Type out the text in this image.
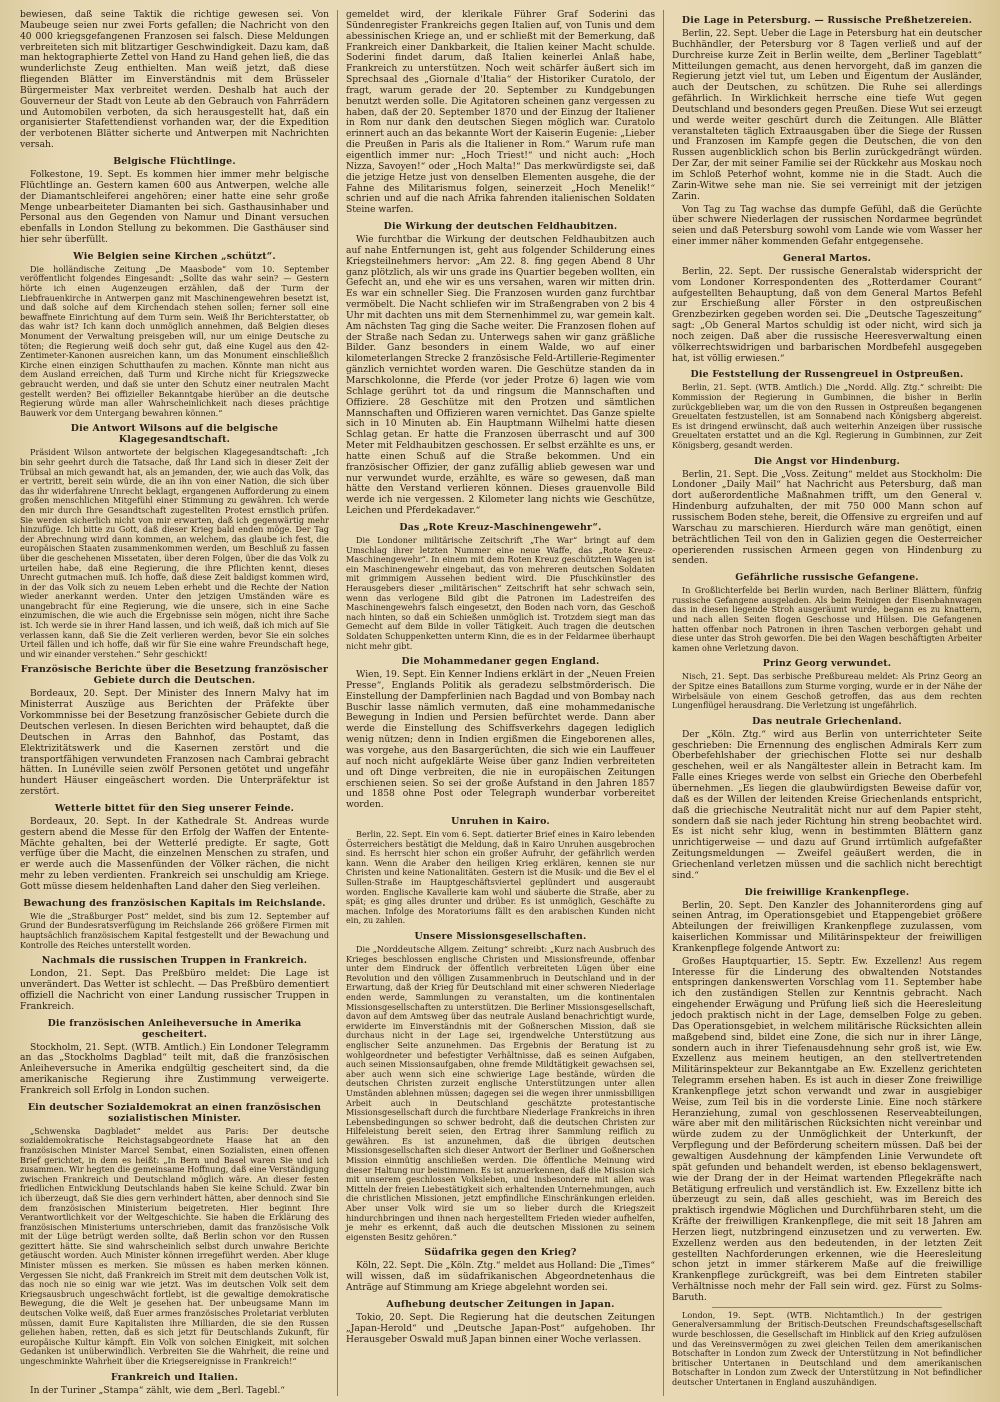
bewiesen, daß seine Taktik die richtige gewesen sei. Von Maubeuge seien nur zwei Forts gefallen; die Nachricht von den 40 000 kriegsgefangenen Franzosen sei falsch. Diese Meldungen verbreiteten sich mit blitzartiger Geschwindigkeit. Dazu kam, daß man hektographierte Zettel von Hand zu Hand gehen ließ, die das wunderlichste Zeug enthielten. Man weiß jetzt, daß diese fliegenden Blätter im Einverständnis mit dem Brüsseler Bürgermeister Max verbreitet werden. Deshalb hat auch der Gouverneur der Stadt von Leute ab den Gebrauch von Fahrrädern und Automobilen verboten, da sich herausgestellt hat, daß ein organisierter Stafettendienst vorhanden war, der die Expedition der verbotenen Blätter sicherte und Antwerpen mit Nachrichten versah.

Belgische Flüchtlinge.

Folkestone, 19. Sept. Es kommen hier immer mehr belgische Flüchtlinge an. Gestern kamen 600 aus Antwerpen, welche alle der Diamantschleiferei angehören; einer hatte eine sehr große Menge unbearbeiteter Diamanten bei sich. Gasthausinhaber und Personal aus den Gegenden von Namur und Dinant versuchen ebenfalls in London Stellung zu bekommen. Die Gasthäuser sind hier sehr überfüllt.

Wie Belgien seine Kirchen „schützt“.

Die holländische Zeitung „De Maasbode“ vom 10. September veröffentlicht folgendes Eingesandt: „Sollte das wahr sein? — Gestern hörte ich einen Augenzeugen erzählen, daß der Turm der Liebfrauenkirche in Antwerpen ganz mit Maschinengewehren besetzt ist, und daß solche auf dem Kirchendach stehen sollen; ferner soll eine bewaffnete Einrichtung auf dem Turm sein. Weiß Ihr Berichterstatter, ob das wahr ist? Ich kann doch unmöglich annehmen, daß Belgien dieses Monument der Verwaltung preisgeben will, nur um einige Deutsche zu töten; die Regierung weiß doch sehr gut, daß eine Kugel aus den 42-Zentimeter-Kanonen ausreichen kann, um das Monument einschließlich Kirche einen einzigen Schutthaufen zu machen. Könnte man nicht aus dem Ausland erreichen, daß Turm und Kirche nicht für Kriegszwecke gebraucht werden, und daß sie unter den Schutz einer neutralen Macht gestellt werden? Bei offizieller Bekanntgabe hierüber an die deutsche Regierung würde man aller Wahrscheinlichkeit nach dieses prächtige Bauwerk vor dem Untergang bewahren können.“

Die Antwort Wilsons auf die belgische Klagegesandtschaft.

Präsident Wilson antwortete der belgischen Klagegesandtschaft: „Ich bin sehr geehrt durch die Tatsache, daß Ihr Land sich in dieser Zeit der Trübsal an mich gewandt hat, als an jemanden, der, wie auch das Volk, das er vertritt, bereit sein würde, die an ihn von einer Nation, die sich über das ihr widerfahrene Unrecht beklagt, ergangenen Aufforderung zu einem großen menschlichen Mitgefühl einer Stimmung zu gewähren. Ich werde den mir durch Ihre Gesandtschaft zugestellten Protest ernstlich prüfen. Sie werden sicherlich nicht von mir erwarten, daß ich gegenwärtig mehr hinzufüge. Ich bitte zu Gott, daß dieser Krieg bald enden möge. Der Tag der Abrechnung wird dann kommen, an welchem, das glaube ich fest, die europäischen Staaten zusammenkommen werden, um Beschluß zu fassen über die geschehenen Missetaten, über deren Folgen, über die das Volk zu urteilen habe, daß eine Regierung, die ihre Pflichten kennt, dieses Unrecht gutmachen muß. Ich hoffe, daß diese Zeit baldigst kommen wird, in der das Volk sich zu neuem Leben erhebt und die Rechte der Nation wieder anerkannt werden. Unter den jetzigen Umständen wäre es unangebracht für eine Regierung, wie die unsere, sich in eine Sache einzumischen, die wie auch die Ergebnisse sein mögen, nicht ihre Sache ist. Ich werde sie in ihrer Hand lassen, und ich weiß, daß ich mich auf Sie verlassen kann, daß Sie die Zeit verlieren werden, bevor Sie ein solches Urteil fällen und ich hoffe, daß wir für Sie eine wahre Freundschaft hege, und wir einander verstehen.“ Sehr geschickt!

Französische Berichte über die Besetzung französischer Gebiete durch die Deutschen.

Bordeaux, 20. Sept. Der Minister des Innern Malvy hat im Ministerrat Auszüge aus Berichten der Präfekte über Vorkommnisse bei der Besetzung französischer Gebiete durch die Deutschen verlesen. In diesen Berichten wird behauptet, daß die Deutschen in Arras den Bahnhof, das Postamt, das Elektrizitätswerk und die Kasernen zerstört und die transportfähigen verwundeten Franzosen nach Cambrai gebracht hätten. In Lunéville seien zwölf Personen getötet und ungefähr hundert Häuser eingeäschert worden. Die Unterpräfektur ist zerstört.

Wetterle bittet für den Sieg unserer Feinde.

Bordeaux, 20. Sept. In der Kathedrale St. Andreas wurde gestern abend die Messe für den Erfolg der Waffen der Entente-Mächte gehalten, bei der Wetterlé predigte. Er sagte, Gott verfüge über die Macht, die einzelnen Menschen zu strafen, und er werde auch die Massenfünden der Völker rächen, die nicht mehr zu leben verdienten. Frankreich sei unschuldig am Kriege. Gott müsse diesem heldenhaften Land daher den Sieg verleihen.

Bewachung des französischen Kapitals im Reichslande.

Wie die „Straßburger Post“ meldet, sind bis zum 12. September auf Grund der Bundesratsverfügung im Reichslande 266 größere Firmen mit hauptsächlich französischem Kapital festgestellt und der Bewachung und Kontrolle des Reiches unterstellt worden.

Nachmals die russischen Truppen in Frankreich.

London, 21. Sept. Das Preßbüro meldet: Die Lage ist unverändert. Das Wetter ist schlecht. — Das Preßbüro dementiert offiziell die Nachricht von einer Landung russischer Truppen in Frankreich.

Die französischen Anleiheversuche in Amerika gescheitert.

Stockholm, 21. Sept. (WTB. Amtlich.) Ein Londoner Telegramm an das „Stockholms Dagblad“ teilt mit, daß die französischen Anleiheversuche in Amerika endgültig gescheitert sind, da die amerikanische Regierung ihre Zustimmung verweigerte. Frankreich soll Erfolg in London suchen.

Ein deutscher Sozialdemokrat an einen französischen sozialistischen Minister.

„Schwenska Dagbladet“ meldet aus Paris: Der deutsche sozialdemokratische Reichstagsabgeordnete Haase hat an den französischen Minister Marcel Sembat, einen Sozialisten, einen offenen Brief gerichtet, in dem es heißt: „In Bern und Basel waren Sie und ich zusammen. Wir hegten die gemeinsame Hoffnung, daß eine Verständigung zwischen Frankreich und Deutschland möglich wäre. An dieser festen friedlichen Entwicklung Deutschlands haben Sie keine Schuld. Zwar bin ich überzeugt, daß Sie dies gern verhindert hätten, aber dennoch sind Sie dem französischen Ministerium beigetreten. Hier beginnt Ihre Verantwortlichkeit vor der Weltgeschichte. Sie haben die Erklärung des französischen Ministeriums unterschrieben, damit das französische Volk mit der Lüge betrügt werden sollte, daß Berlin schon vor den Russen gezittert hätte. Sie sind wahrscheinlich selbst durch unwahre Berichte getäuscht worden. Auch Minister können irregeführt werden. Aber kluge Minister müssen es merken. Sie müssen es haben merken können. Vergessen Sie nicht, daß Frankreich im Streit mit dem deutschen Volk ist, das noch nie so einig war wie jetzt. Was im deutschen Volk seit dem Kriegsausbruch ungeschwächt fortlebt, ist die gewaltige demokratische Bewegung, die die Welt je gesehen hat. Der unbeugsame Mann im deutschen Volke weiß, daß Euer armes französisches Proletariat verbluten müssen, damit Eure Kapitalisten ihre Milliarden, die sie den Russen geliehen haben, retten, daß es sich jetzt für Deutschlands Zukunft, für europäische Kultur kämpft. Ein Volk von solchen Einigkeit, mit solchen Gedanken ist unüberwindlich. Verbreiten Sie die Wahrheit, die reine und ungeschminkte Wahrheit über die Kriegsereignisse in Frankreich!“

Frankreich und Italien.

In der Turiner „Stampa“ zählt, wie dem „Berl. Tagebl.“

gemeldet wird, der klerikale Führer Graf Soderini das Sündenregister Frankreichs gegen Italien auf, von Tunis und dem abessinischen Kriege an, und er schließt mit der Bemerkung, daß Frankreich einer Dankbarkeit, die Italien keiner Macht schulde. Soderini findet darum, daß Italien keinerlei Anlaß habe, Frankreich zu unterstützen. Noch weit schärfer äußert sich im Sprechsaal des „Giornale d'Italia“ der Historiker Curatolo, der fragt, warum gerade der 20. September zu Kundgebungen benutzt werden solle. Die Agitatoren scheinen ganz vergessen zu haben, daß der 20. September 1870 und der Einzug der Italiener in Rom nur dank den deutschen Siegen möglich war. Curatolo erinnert auch an das bekannte Wort der Kaiserin Eugenie: „Lieber die Preußen in Paris als die Italiener in Rom.“ Warum rufe man eigentlich immer nur: „Hoch Triest!“ und nicht auch: „Hoch Nizza, Savoyen!“ oder „Hoch Malta!“ Das merkwürdigste sei, daß die jetzige Hetze just von denselben Elementen ausgehe, die der Fahne des Militarismus folgen, seinerzeit „Hoch Menelik!“ schrien und auf die nach Afrika fahrenden italienischen Soldaten Steine warfen.

Die Wirkung der deutschen Feldhaubitzen.

Wie furchtbar die Wirkung der deutschen Feldhaubitzen auch auf nahe Entfernungen ist, geht aus folgender Schilderung eines Kriegsteilnehmers hervor: „Am 22. 8. fing gegen Abend 8 Uhr ganz plötzlich, als wir uns grade ins Quartier begeben wollten, ein Gefecht an, und ehe wir es uns versahen, waren wir mitten drin. Es war ein schneller Sieg. Die Franzosen wurden ganz furchtbar vermöbelt. Die Nacht schliefen wir im Straßengraben von 2 bis 4 Uhr mit dachten uns mit dem Sternenhimmel zu, war gemein kalt. Am nächsten Tag ging die Sache weiter. Die Franzosen flohen auf der Straße nach Sedan zu. Unterwegs sahen wir ganz gräßliche Bilder. Ganz besonders in einem Walde, wo auf einer kilometerlangen Strecke 2 französische Feld-Artillerie-Regimenter gänzlich vernichtet worden waren. Die Geschütze standen da in Marschkolonne, die Pferde (vor jeder Protze 6) lagen wie vom Schlage gerührt tot da und ringsum die Mannschaften und Offiziere. 28 Geschütze mit den Protzen und sämtlichen Mannschaften und Offizieren waren vernichtet. Das Ganze spielte sich in 10 Minuten ab. Ein Hauptmann Wilhelmi hatte diesen Schlag getan. Er hatte die Franzosen überrascht und auf 300 Meter mit Feldhaubitzen geschossen. Er selbst erzählte es uns, er hatte einen Schuß auf die Straße bekommen. Und ein französischer Offizier, der ganz zufällig ablieb gewesen war und nur verwundet wurde, erzählte, es wäre so gewesen, daß man hätte den Verstand verlieren können. Dieses grauenvolle Bild werde ich nie vergessen. 2 Kilometer lang nichts wie Geschütze, Leichen und Pferdekadaver.“

Das „Rote Kreuz-Maschinengewehr“.

Die Londoner militärische Zeitschrift „The War“ bringt auf dem Umschlag ihrer letzten Nummer eine neue Waffe, das „Rote Kreuz-Maschinengewehr“. In einem mit dem Roten Kreuz geschützten Wagen ist ein Maschinengewehr eingebaut, das von mehreren deutschen Soldaten mit grimmigem Aussehen bedient wird. Die Pfuschkünstler des Herausgebers dieser „militärischen“ Zeitschrift hat sehr schwach sein, wenn das verlogene Bild gibt die Patronen im Ladestreifen des Maschinengewehrs falsch eingesetzt, den Boden nach vorn, das Geschoß nach hinten, so daß ein Schießen unmöglich ist. Trotzdem siegt man das Gemecht auf dem Bilde in voller Tätigkeit. Auch tragen die deutschen Soldaten Schuppenketten unterm Kinn, die es in der Feldarmee überhaupt nicht mehr gibt.

Die Mohammedaner gegen England.

Wien, 19. Sept. Ein Kenner Indiens erklärt in der „Neuen Freien Presse“, Englands Politik als geradezu selbstmörderisch. Die Einstellung der Dampferlinien nach Bagdad und von Bombay nach Buschir lasse nämlich vermuten, daß eine mohammedanische Bewegung in Indien und Persien befürchtet werde. Dann aber werde die Einstellung des Schiffsverkehrs dagegen lediglich wenig nützen; denn in Indien ergißmen die Eingeborenen alles, was vorgehe, aus den Basargerüchten, die sich wie ein Lauffeuer auf noch nicht aufgeklärte Weise über ganz Indien verbreiteten und oft Dinge verbreiten, die nie in europäischen Zeitungen erschienen seien. So sei der große Aufstand in den Jahren 1857 und 1858 ohne Post oder Telegraph wunderbar vorbereitet worden.

Unruhen in Kairo.

Berlin, 22. Sept. Ein vom 6. Sept. datierter Brief eines in Kairo lebenden Österreichers bestätigt die Meldung, daß in Kairo Unruhen ausgebrochen sind. Es herrscht hier schon ein großer Aufruhr, der gefährlich werden kann. Wenn die Araber den heiligen Krieg erklären, kennen sie nur Christen und keine Nationalitäten. Gestern ist die Musik- und die Bev el el Sullen-Straße im Hauptgeschäftsviertel geplündert und ausgeraubt worden. Englische Kavallerie kam wohl und säuberte die Straße, aber zu spät; es ging alles drunter und drüber. Es ist unmöglich, Geschäfte zu machen. Infolge des Moratoriums fällt es den arabischen Kunden nicht ein, zu zahlen.

Unsere Missionsgesellschaften.

Die „Norddeutsche Allgem. Zeitung“ schreibt: „Kurz nach Ausbruch des Krieges beschlossen englische Christen und Missionsfreunde, offenbar unter dem Eindruck der öffentlich verbreiteten Lügen über eine Revolution und den völligen Zusammenbruch in Deutschland und in der Erwartung, daß der Krieg für Deutschland mit einer schweren Niederlage enden werde, Sammlungen zu veranstalten, um die kontinentalen Missionsgesellschaften zu unterstützen. Die Berliner Missionsgesellschaft, davon auf dem Amtsweg über das neutrale Ausland benachrichtigt wurde, erwiderte im Einverständnis mit der Goßnerschen Mission, daß sie durchaus nicht in der Lage sei, irgendwelche Unterstützung aus englischer Seite anzunehmen. Das Ergebnis der Beratung ist zu wohlgeordneter und befestigter Verhältnisse, daß es seinen Aufgaben, auch seinen Missionsaufgaben, ohne fremde Mildtätigkeit gewachsen sei, aber auch wenn sich eine schwierige Lage bestände, würden die deutschen Christen zurzeit englische Unterstützungen unter allen Umständen ablehnen müssen; dagegen sei die wegen ihrer unmissbilligen Arbeit auch in Deutschland geschätzte protestantische Missionsgesellschaft durch die furchtbare Niederlage Frankreichs in ihren Lebensbedingungen so schwer bedroht, daß die deutschen Christen zur Hilfeleistung bereit seien, den Ertrag ihrer Sammlung reiflich zu gewähren. Es ist anzunehmen, daß die übrigen deutschen Missionsgesellschaften sich dieser Antwort der Berliner und Goßnerschen Mission einmütig anschließen werden. Die öffentliche Meinung wird dieser Haltung nur beistimmen. Es ist anzuerkennen, daß die Mission sich mit unserem geschlossen Volksleben, und insbesondere mit allen was Mitteln der freien Liebestätigkeit sich erhaltenden Unternehmungen, auch die christlichen Missionen, jetzt empfindliche Einschränkungen erleiden. Aber unser Volk wird sie um so lieber durch die Kriegszeit hindurchbringen und ihnen nach hergestelltem Frieden wieder aufhelfen, je mehr es erkennt, daß auch die deutschen Missionen zu seinem eigensten Besitz gehören.“

Südafrika gegen den Krieg?

Köln, 22. Sept. Die „Köln. Ztg.“ meldet aus Holland: Die „Times“ will wissen, daß im südafrikanischen Abgeordnetenhaus die Anträge auf Stimmung am Kriege abgelehnt worden sei.

Aufhebung deutscher Zeitungen in Japan.

Tokio, 20. Sept. Die Regierung hat die deutschen Zeitungen „Japan-Herold“ und „Deutsche Japan-Post“ aufgehoben. Ihr Herausgeber Oswald muß Japan binnen einer Woche verlassen.

Die Lage in Petersburg. — Russische Preßhetzereien.

Berlin, 22. Sept. Ueber die Lage in Petersburg hat ein deutscher Buchhändler, der Petersburg vor 8 Tagen verließ und auf der Durchreise kurze Zeit in Berlin weilte, dem „Berliner Tageblatt“ Mitteilungen gemacht, aus denen hervorgeht, daß im ganzen die Regierung jetzt viel tut, um Leben und Eigentum der Ausländer, auch der Deutschen, zu schützen. Die Ruhe sei allerdings gefährlich. In Wirklichkeit herrsche eine tiefe Wut gegen Deutschland und besonders gegen Preußen. Diese Wut sei erzeugt und werde weiter geschürt durch die Zeitungen. Alle Blätter veranstalteten täglich Extraausgaben über die Siege der Russen und Franzosen im Kampfe gegen die Deutschen, die von den Russen augenblicklich schon bis Berlin zurückgedrängt würden. Der Zar, der mit seiner Familie sei der Rückkehr aus Moskau noch im Schloß Peterhof wohnt, komme nie in die Stadt. Auch die Zarin-Witwe sehe man nie. Sie sei verreinigt mit der jetzigen Zarin.

Von Tag zu Tag wachse das dumpfe Gefühl, daß die Gerüchte über schwere Niederlagen der russischen Nordarmee begründet seien und daß Petersburg sowohl vom Lande wie vom Wasser her einer immer näher kommenden Gefahr entgegensehe.

General Martos.

Berlin, 22. Sept. Der russische Generalstab widerspricht der vom Londoner Korrespondenten des „Rotterdamer Courant“ aufgestellten Behauptung, daß von dem General Martos Befehl zur Erschießung aller Förster in den ostpreußischen Grenzbezirken gegeben worden sei. Die „Deutsche Tageszeitung“ sagt: „Ob General Martos schuldig ist oder nicht, wird sich ja noch zeigen. Daß aber die russische Heeresverwaltung einen völkerrechtswidrigen und barbarischen Mordbefehl ausgegeben hat, ist völlig erwiesen.“

Die Feststellung der Russengreuel in Ostpreußen.

Berlin, 21. Sept. (WTB. Amtlich.) Die „Nordd. Allg. Ztg.“ schreibt: Die Kommission der Regierung in Gumbinnen, die bisher in Berlin zurückgeblieben war, um die von den Russen in Ostpreußen begangenen Greueltaten festzustellen, ist am Sonnabend nach Königsberg abgereist. Es ist dringend erwünscht, daß auch weiterhin Anzeigen über russische Greueltaten erstattet und an die Kgl. Regierung in Gumbinnen, zur Zeit Königsberg, gesandt werden.

Die Angst vor Hindenburg.

Berlin, 21. Sept. Die „Voss. Zeitung“ meldet aus Stockholm: Die Londoner „Daily Mail“ hat Nachricht aus Petersburg, daß man dort außerordentliche Maßnahmen trifft, um den General v. Hindenburg aufzuhalten, der mit 750 000 Mann schon auf russischem Boden stehe, bereit, die Offensive zu ergreifen und auf Warschau zu marschieren. Hierdurch wäre man genötigt, einen beträchtlichen Teil von den in Galizien gegen die Oesterreicher operierenden russischen Armeen gegen von Hindenburg zu senden.

Gefährliche russische Gefangene.

In Großlichterfelde bei Berlin wurden, nach Berliner Blättern, fünfzig russische Gefangene ausgeladen. Als beim Reinigen der Eisenbahnwagen das in diesen liegende Stroh ausgeräumt wurde, begann es zu knattern, und nach allen Seiten flogen Geschosse und Hülsen. Die Gefangenen hatten offenbar noch Patronen in ihren Taschen verborgen gehabt und diese unter das Stroh geworfen. Die bei den Wagen beschäftigten Arbeiter kamen ohne Verletzung davon.

Prinz Georg verwundet.

Nisch, 21. Sept. Das serbische Preßbureau meldet: Als Prinz Georg an der Spitze eines Bataillons zum Sturme vorging, wurde er in der Nähe der Wirbelsäule von einem Geschoß getroffen, das aus dem rechten Lungenflügel herausdrang. Die Verletzung ist ungefährlich.

Das neutrale Griechenland.

Der „Köln. Ztg.“ wird aus Berlin von unterrichteter Seite geschrieben: Die Ernennung des englischen Admirals Kerr zum Oberbefehlshaber der griechischen Flotte sei nur deshalb geschehen, weil er als Nangältester allein in Betracht kam. Im Falle eines Krieges werde von selbst ein Grieche den Oberbefehl übernehmen. „Es liegen die glaubwürdigsten Beweise dafür vor, daß es der Willen der leitenden Kreise Griechenlands entspricht, daß die griechische Neutralität nicht nur auf dem Papier steht, sondern daß sie nach jeder Richtung hin streng beobachtet wird. Es ist nicht sehr klug, wenn in bestimmten Blättern ganz unrichtigerweise — und dazu auf Grund irrtümlich aufgefaßter Zeitungsmeldungen — Zweifel geäußert werden, die in Griechenland verletzen müssen und die sachlich nicht berechtigt sind.“

Die freiwillige Krankenpflege.

Berlin, 20. Sept. Den Kanzler des Johanniterordens ging auf seinen Antrag, im Operationsgebiet und Etappengebiet größere Abteilungen der freiwilligen Krankenpflege zuzulassen, vom kaiserlichen Kommissar und Militärinspekteur der freiwilligen Krankenpflege folgende Antwort zu:

Großes Hauptquartier, 15. Septr. Ew. Exzellenz! Aus regem Interesse für die Linderung des obwaltenden Notstandes entspringen dankenswerten Vorschlag vom 11. September habe ich den zuständigen Stellen zur Kenntnis gebracht. Nach eingehender Erwägung und Prüfung ließ sich die Heeresleitung jedoch praktisch nicht in der Lage, demselben Folge zu geben. Das Operationsgebiet, in welchem militärische Rücksichten allein maßgebend sind, bildet eine Zone, die sich nur in ihrer Länge, sondern auch in ihrer Tiefenausdehnung sehr groß ist, wie Ew. Exzellenz aus meinem heutigen, an den stellvertretenden Militärinspekteur zur Bekanntgabe an Ew. Exzellenz gerichteten Telegramm ersehen haben. Es ist auch in dieser Zone freiwillige Krankenpflege jetzt schon verwandt und zwar in ausgiebiger Weise, zum Teil bis in die vorderste Linie. Eine noch stärkere Heranziehung, zumal von geschlossenen Reserveabteilungen, wäre aber mit den militärischen Rücksichten nicht vereinbar und würde zudem zu der Unmöglichkeit der Unterkunft, der Verpflegung und der Beförderung scheitern müssen. Daß bei der gewaltigen Ausdehnung der kämpfenden Linie Verwundete oft spät gefunden und behandelt werden, ist ebenso beklagenswert, wie der Drang der in der Heimat wartenden Pflegekräfte nach Betätigung erfreulich und verständlich ist. Ew. Exzellenz bitte ich überzeugt zu sein, daß alles geschieht, was im Bereich des praktisch irgendwie Möglichen und Durchführbaren steht, um die Kräfte der freiwilligen Krankenpflege, die mit seit 18 Jahren am Herzen liegt, nutzbringend einzusetzen und zu verwerten. Ew. Exzellenz werden aus den bedeutenden, in der letzten Zeit gestellten Nachforderungen erkennen, wie die Heeresleitung schon jetzt in immer stärkerem Maße auf die freiwillige Krankenpflege zurückgreift, was bei dem Eintreten stabiler Verhältnisse noch mehr der Fall sein wird. gez. Fürst zu Solms-Baruth.

London, 19. Sept. (WTB. Nichtamtlich.) In der gestrigen Generalversammlung der Britisch-Deutschen Freundschaftsgesellschaft wurde beschlossen, die Gesellschaft im Hinblick auf den Krieg aufzulösen und das Vereinsvermögen zu zwei gleichen Teilen dem amerikanischen Botschafter in London zum Zweck der Unterstützung in Not befindlicher britischer Untertanen in Deutschland und dem amerikanischen Botschafter in London zum Zweck der Unterstützung in Not befindlicher deutscher Untertanen in England auszuhändigen.
